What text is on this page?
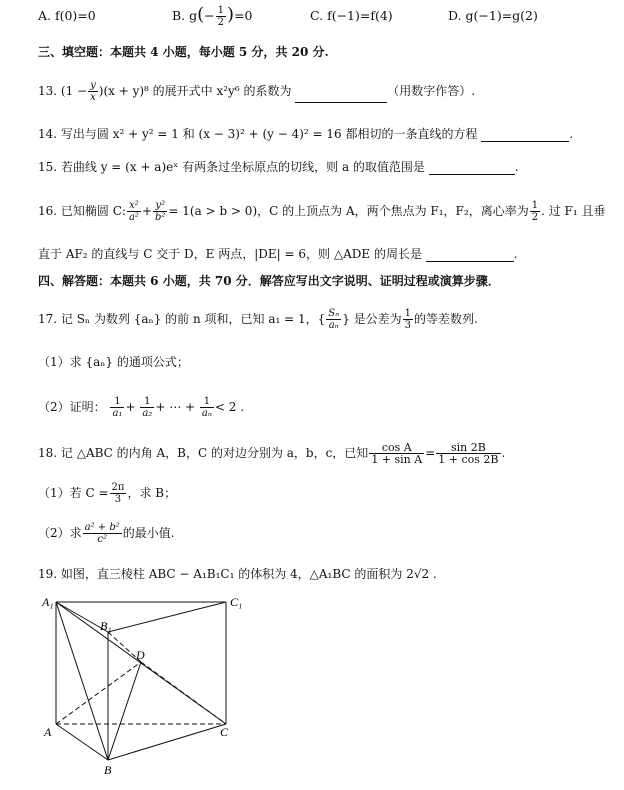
A. f(0)=0	B. $g(- \frac{1}{2} )=0$	C. f(−1)=f(4)	D. g(−1)=g(2)
三、填空题：本题共 4 小题，每小题 5 分，共 20 分.
13. $(1 - \frac{y}{x} )(x + y)^8$ 的展开式中 x²y⁶ 的系数为	（用数字作答）.
14. 写出与圆 x² + y² = 1 和 (x − 3)² + (y − 4)² = 16 都相切的一条直线的方程	.
15. 若曲线 y = (x + a)eˣ 有两条过坐标原点的切线，则 a 的取值范围是	.
16. 已知椭圆 C: $\frac{\text{x²}}{\text{a²}} + \frac{\text{y²}}{\text{b²}} = 1(a > b > 0)$，C 的上顶点为 A，两个焦点为 F₁，F₂，离心率为 $\frac{1}{2}$ . 过 F₁ 且垂
直于 AF₂ 的直线与 C 交于 D，E 两点，|DE| = 6，则 △ADE 的周长是	.
四、解答题：本题共 6 小题，共 70 分．解答应写出文字说明、证明过程或演算步骤．
17. 记 Sₙ 为数列 {aₙ} 的前 n 项和，已知 a₁ = 1，{ $\frac{\text{Sₙ}}{\text{aₙ}}$ } 是公差为 $\frac{1}{3}$ 的等差数列.
（1）求 {aₙ} 的通项公式；
（2）证明： $\frac{1}{\text{a₁}} + \frac{1}{\text{a₂}}$ + ⋯ + $\frac{1}{\text{aₙ}} < 2$ .
18. 记 △ABC 的内角 A，B，C 的对边分别为 a，b，c，已知 $\frac{\text{cos A}}{\text{1 + sin A}} = \frac{\sin 2B}{1 + \cos 2B}$ .
（1）若 $C = \frac{2\pi}{3}$ ，求 B；
（2）求 $\frac{\text{a² + b²}}{\text{c²}}$ 的最小值.
19. 如图，直三棱柱 ABC − A₁B₁C₁ 的体积为 4，△A₁BC 的面积为 2√2 .
A₁	C₁
B₁
D
A	C
B
